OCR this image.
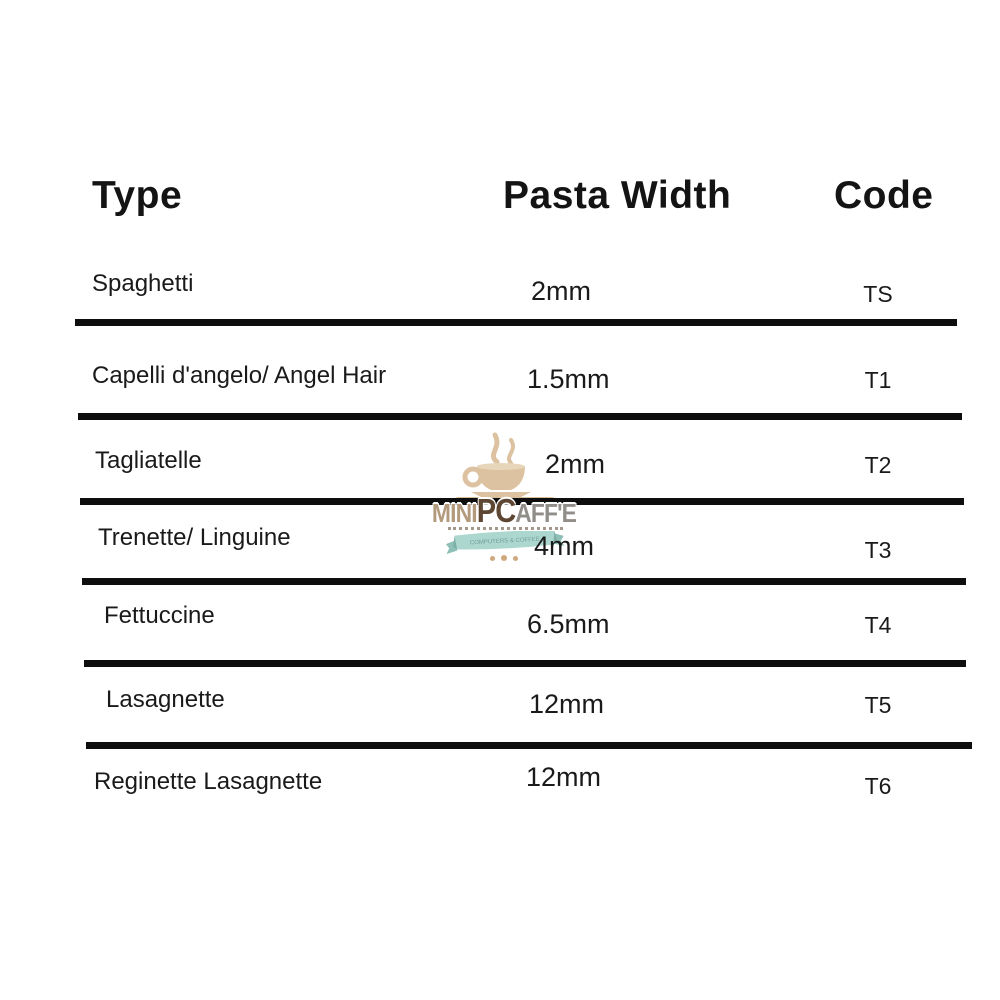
Type	Pasta Width	Code
MINIPCAFF'E
COMPUTERS & COFFEE
Spaghetti	2mm	TS
Capelli d'angelo/ Angel Hair	1.5mm	T1
Tagliatelle	2mm	T2
Trenette/ Linguine	4mm	T3
Fettuccine	6.5mm	T4
Lasagnette	12mm	T5
Reginette Lasagnette	12mm	T6
